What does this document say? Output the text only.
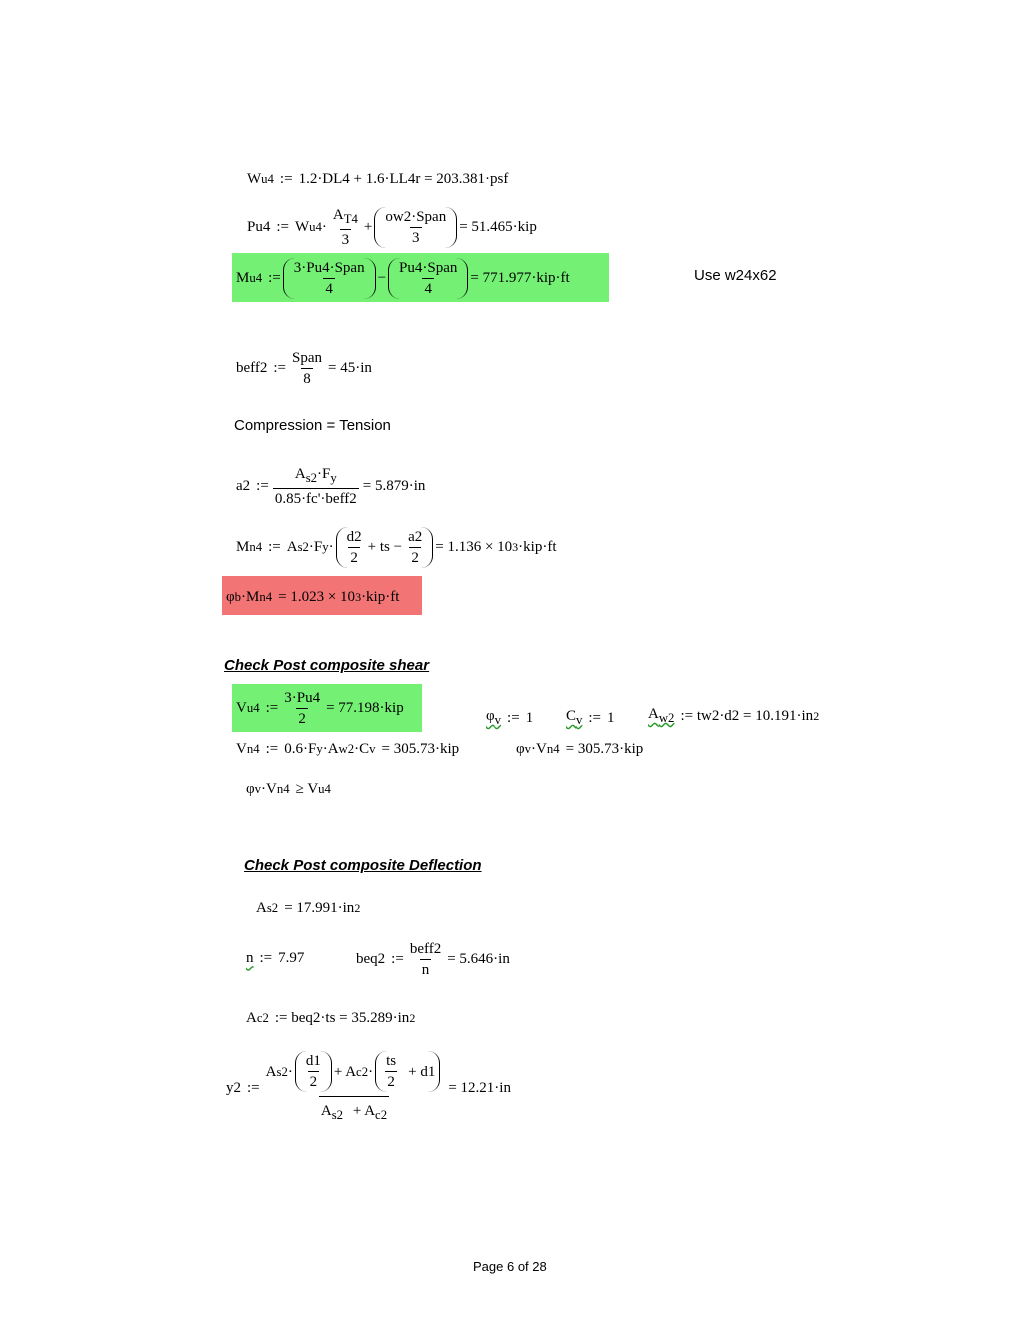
W u4 := 1.2·DL4 + 1.6·LL4r = 203.381·psf
Pu4 := W $u4 \cdot \frac{A_{T4}}{3} + \frac{\text{ow2·Span}}{3} = 51.465\cdot kip$
M u4 := $\frac{\text{3·Pu4·Span}}{4} - \frac{\text{Pu4·Span}}{4} = 771.977\cdot kip\cdot ft$	Use w24x62
beff2 := $\frac{\text{Span}}{8} = 45\cdot in$
Compression = Tension
a2 := $\frac{A_{s2}\cdot F_y}{\text{0.85·fc'·beff2}} = 5.879\cdot in$
M n4 := A s2 ·F $y \cdot \frac{d2}{2}$ + ts − $\frac{a2}{2} = 1.136 \times 10$ 3 ·kip·ft
φ b ·M n4 = 1.023 × 10 3 ·kip·ft
Check Post composite shear
V u4 := $\frac{3\cdot Pu4}{2} = 77.198\cdot kip$
$\varphi_v$ := 1 $C_v$ := 1 $A_{w2}$ := tw2·d2 = 10.191·in 2
V n4 := 0.6·F y ·A w2 ·C v = 305.73·kip	φ v ·V n4 = 305.73·kip
φ v ·V n4 ≥ V u4
Check Post composite Deflection
A s2 = 17.991·in 2
n := 7.97	beq2 := $\frac{\text{beff2}}{n} = 5.646\cdot in$
A c2 := beq2·ts = 35.289·in 2
y2 := $\frac{A s2 \cdot \frac{d1}{2} + A c2 \cdot \frac{ts}{2} + d1}{A_{s2} + A_{c2}} = 12.21\cdot in$
Page 6 of 28
